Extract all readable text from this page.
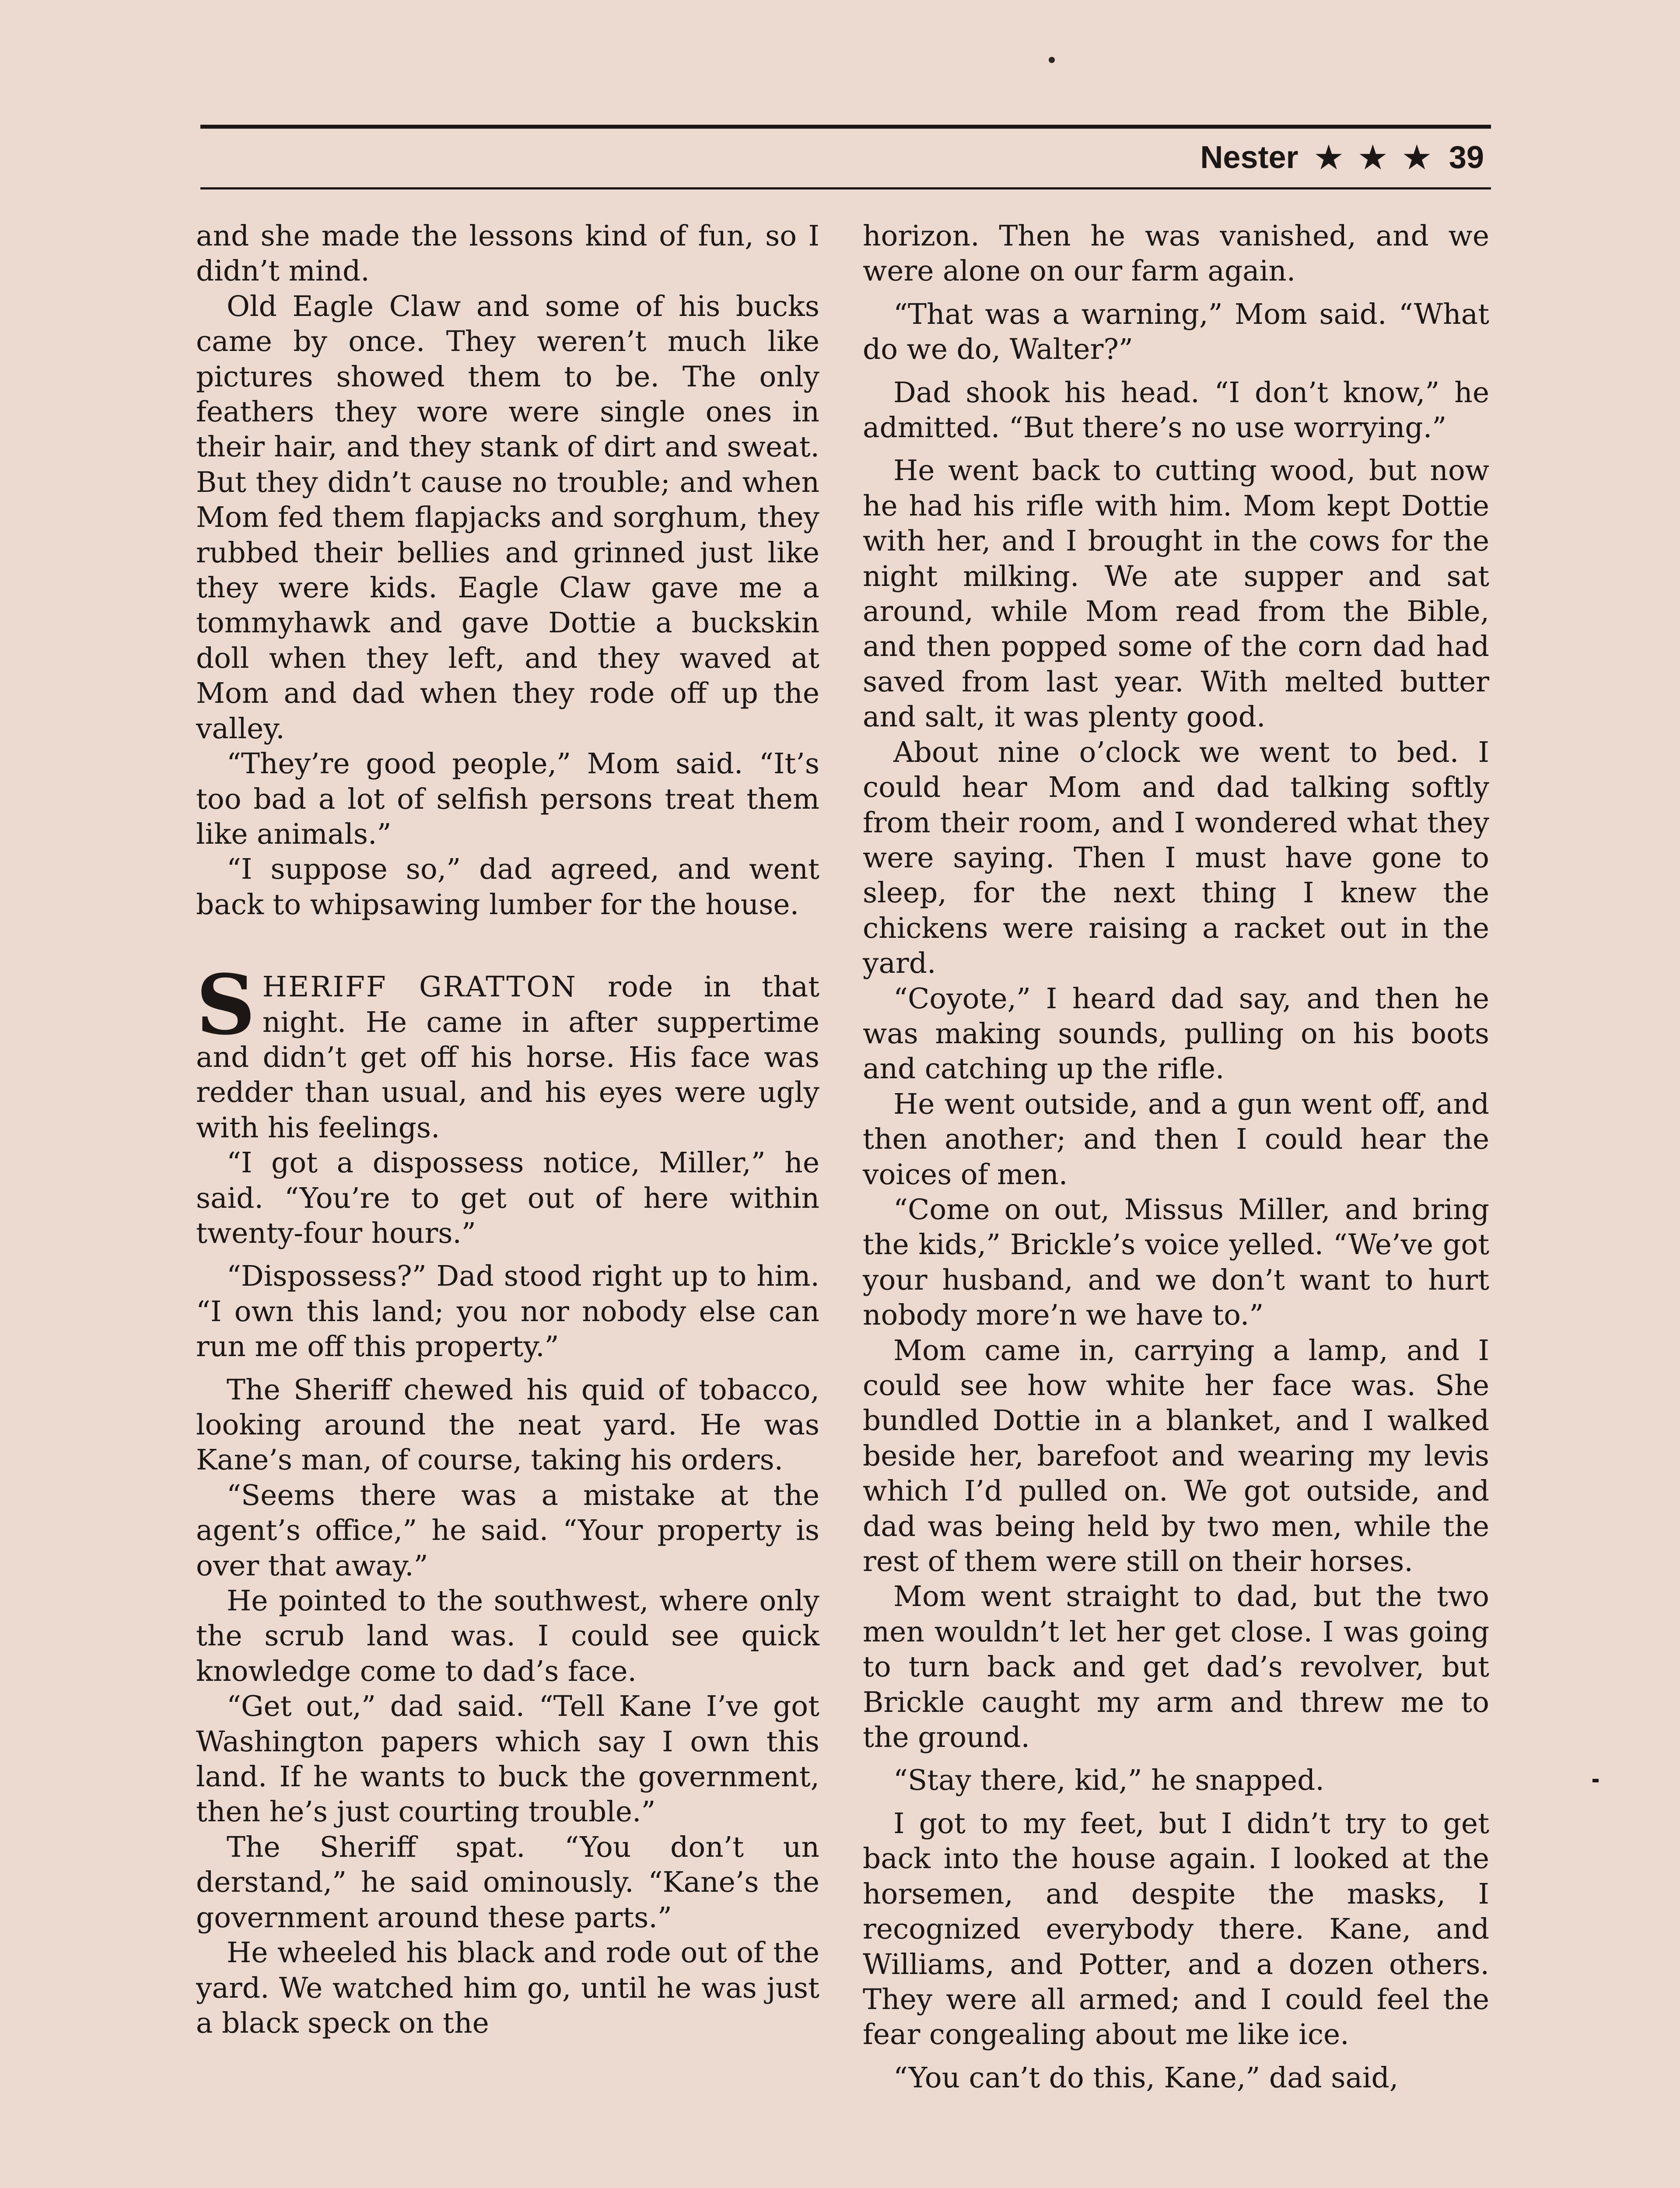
Nester ★ ★ ★ 39

and she made the lessons kind of fun, so I didn’t mind.

Old Eagle Claw and some of his bucks came by once. They weren’t much like pictures showed them to be. The only feathers they wore were single ones in their hair, and they stank of dirt and sweat. But they didn’t cause no trouble; and when Mom fed them flapjacks and sorghum, they rubbed their bellies and grinned just like they were kids. Eagle Claw gave me a tommyhawk and gave Dottie a buckskin doll when they left, and they waved at Mom and dad when they rode off up the valley.

“They’re good people,” Mom said. “It’s too bad a lot of selfish persons treat them like animals.”

“I suppose so,” dad agreed, and went back to whipsawing lumber for the house.

SHERIFF GRATTON rode in that night. He came in after suppertime and didn’t get off his horse. His face was redder than usual, and his eyes were ugly with his feelings.

“I got a dispossess notice, Miller,” he said. “You’re to get out of here within twenty-four hours.”

“Dispossess?” Dad stood right up to him. “I own this land; you nor nobody else can run me off this property.”

The Sheriff chewed his quid of tobacco, looking around the neat yard. He was Kane’s man, of course, taking his orders.

“Seems there was a mistake at the agent’s office,” he said. “Your property is over that away.”

He pointed to the southwest, where only the scrub land was. I could see quick knowledge come to dad’s face.

“Get out,” dad said. “Tell Kane I’ve got Washington papers which say I own this land. If he wants to buck the government, then he’s just courting trouble.”

The Sheriff spat. “You don’t un derstand,” he said ominously. “Kane’s the government around these parts.”

He wheeled his black and rode out of the yard. We watched him go, until he was just a black speck on the

horizon. Then he was vanished, and we were alone on our farm again.

“That was a warning,” Mom said. “What do we do, Walter?”

Dad shook his head. “I don’t know,” he admitted. “But there’s no use worrying.”

He went back to cutting wood, but now he had his rifle with him. Mom kept Dottie with her, and I brought in the cows for the night milking. We ate supper and sat around, while Mom read from the Bible, and then popped some of the corn dad had saved from last year. With melted butter and salt, it was plenty good.

About nine o’clock we went to bed. I could hear Mom and dad talking softly from their room, and I wondered what they were saying. Then I must have gone to sleep, for the next thing I knew the chickens were raising a racket out in the yard.

“Coyote,” I heard dad say, and then he was making sounds, pulling on his boots and catching up the rifle.

He went outside, and a gun went off, and then another; and then I could hear the voices of men.

“Come on out, Missus Miller, and bring the kids,” Brickle’s voice yelled. “We’ve got your husband, and we don’t want to hurt nobody more’n we have to.”

Mom came in, carrying a lamp, and I could see how white her face was. She bundled Dottie in a blanket, and I walked beside her, barefoot and wearing my levis which I’d pulled on. We got outside, and dad was being held by two men, while the rest of them were still on their horses.

Mom went straight to dad, but the two men wouldn’t let her get close. I was going to turn back and get dad’s revolver, but Brickle caught my arm and threw me to the ground.

“Stay there, kid,” he snapped.

I got to my feet, but I didn’t try to get back into the house again. I looked at the horsemen, and despite the masks, I recognized everybody there. Kane, and Williams, and Potter, and a dozen others. They were all armed; and I could feel the fear congealing about me like ice.

“You can’t do this, Kane,” dad said,
